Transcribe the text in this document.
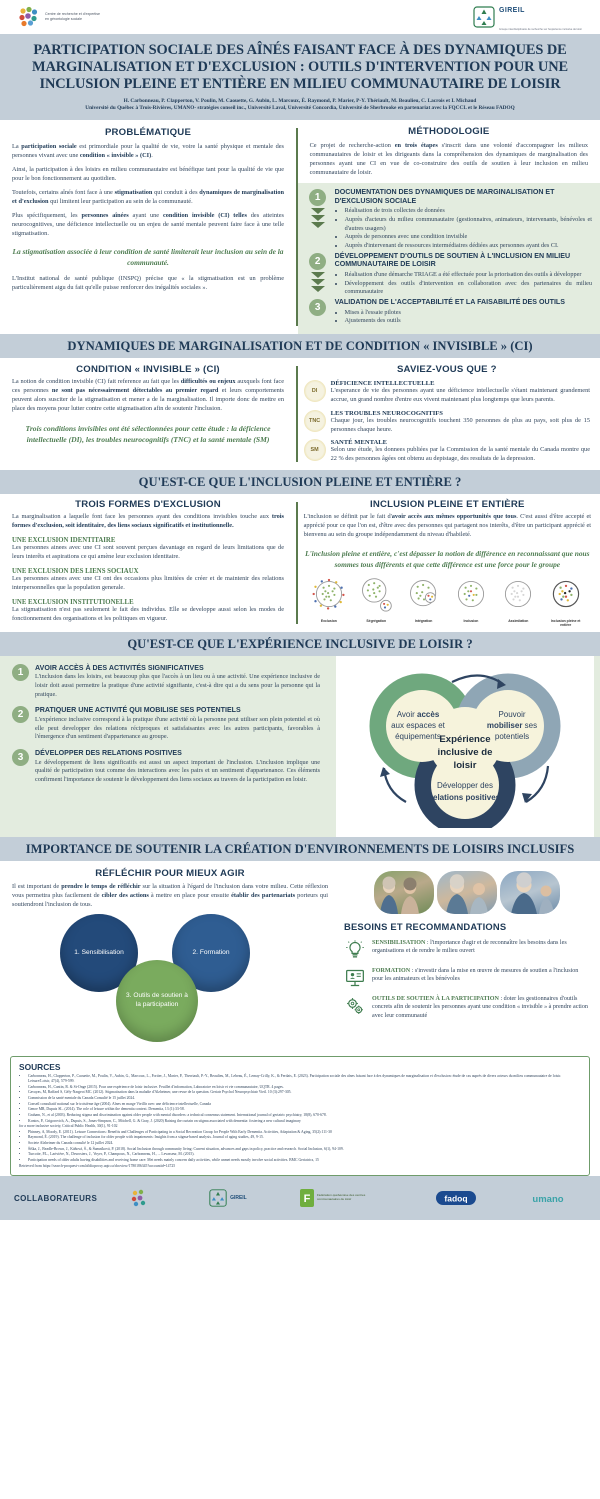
Centre de recherche et d'expertise
en gérontologie sociale
GIREIL
Groupe interdisciplinaire de recherche sur l'expérience inclusive de loisir
PARTICIPATION SOCIALE DES AÎNÉS FAISANT FACE À DES DYNAMIQUES DE MARGINALISATION ET D'EXCLUSION : OUTILS D'INTERVENTION POUR UNE INCLUSION PLEINE ET ENTIÈRE EN MILIEU COMMUNAUTAIRE DE LOISIR
H. Carbonneau, P. Clapperton, V. Poulin, M. Caouette, G. Aubin, L. Marcoux, È. Raymond, P. Marier, P-Y. Thériault, M. Beaulieu, C. Lacrois et I. Michaud
Université du Québec à Trois-Rivières, UMANO- stratégies conseil inc., Université Laval, Université Concordia, Université de Sherbrooke en partenariat avec la FQCCL et le Réseau FADOQ
PROBLÉMATIQUE

La participation sociale est primordiale pour la qualité de vie, voire la santé physique et mentale des personnes vivant avec une condition « invisible » (CI).

Ainsi, la participation à des loisirs en milieu communautaire est bénéfique tant pour la qualité de vie que pour le bon fonctionnement au quotidien.

Toutefois, certains aînés font face à une stigmatisation qui conduit à des dynamiques de marginalisation et d'exclusion qui limitent leur participation au sein de la communauté.

Plus spécifiquement, les personnes aînées ayant une condition invisible (CI) telles des atteintes neurocognitives, une déficience intellectuelle ou un enjeu de santé mentale peuvent faire face à une telle stigmatisation.

La stigmatisation associée à leur condition de santé limiterait leur inclusion au sein de la communauté.

L'Institut national de santé publique (INSPQ) précise que « la stigmatisation est un problème particulièrement aigu du fait qu'elle puisse renforcer des inégalités sociales ».

MÉTHODOLOGIE

Ce projet de recherche-action en trois étapes s'inscrit dans une volonté d'accompagner les milieux communautaires de loisir et les dirigeants dans la compréhension des dynamiques de marginalisation des personnes ayant une CI en vue de co-construire des outils de soutien à leur inclusion en milieu communautaire de loisir.

1	DOCUMENTATION DES DYNAMIQUES DE MARGINALISATION ET D'EXCLUSION SOCIALE
• Réalisation de trois collectes de données
• Auprès d'acteurs du milieu communautaire (gestionnaires, animateurs, intervenants, bénévoles et d'autres usagers)
• Auprès de personnes avec une condition invisible
• Auprès d'intervenant de ressources intermédiaires dédiées aux personnes ayant des CI.
2	DÉVELOPPEMENT D'OUTILS DE SOUTIEN À L'INCLUSION EN MILIEU COMMUNAUTAIRE DE LOISIR
• Réalisation d'une démarche TRIAGE a été effectuée pour la priorisation des outils à développer
• Développement des outils d'intervention en collaboration avec des partenaires du milieu communautaire
3	VALIDATION DE L'ACCEPTABILITÉ ET LA FAISABILITÉ DES OUTILS
• Mises à l'essaie pilotes
• Ajustements des outils
DYNAMIQUES DE MARGINALISATION ET DE CONDITION « INVISIBLE » (CI)
CONDITION « INVISIBLE » (CI)

La notion de condition invisible (CI) fait reference au fait que les difficultés ou enjeux auxquels font face ces personnes ne sont pas nécessairement détectables au premier regard et leurs comportements peuvent alors susciter de la stigmatisation et mener a de la marginalisation. Il importe donc de mettre en place des moyens pour lutter contre cette stigmatisation afin de soutenir l'inclusion.

Trois conditions invisibles ont été sélectionnées pour cette étude : la déficience intellectuelle (DI), les troubles neurocognitifs (TNC) et la santé mentale (SM)

SAVIEZ-VOUS QUE ?
DI
DÉFICIENCE INTELLECTUELLE
L'esperance de vie des personnes ayant une déficience intellectuelle s'étant maintenant grandement accrue, un grand nombre d'entre eux vivent maintenant plus longtemps que leurs parents.
TNC
LES TROUBLES NEUROCOGNITIFS
Chaque jour, les troubles neurocognitifs touchent 350 personnes de plus au pays, soit plus de 15 personnes chaque heure.
SM
SANTÉ MENTALE
Selon une étude, les donnees publiées par la Commission de la santé mentale du Canada montre que 22 % des personnes âgées ont obtenu au depistage, des resultats de la depression.
QU'EST-CE QUE L'INCLUSION PLEINE ET ENTIÈRE ?
TROIS FORMES D'EXCLUSION

La marginalisation a laquelle font face les personnes ayant des conditions invisibles touche aux trois formes d'exclusion, soit identitaire, des liens sociaux significatifs et institutionnelle.

UNE EXCLUSION IDENTITAIRE

Les personnes ainees avec une CI sont souvent perçues davantage en regard de leurs limitations que de leurs interêts et aspirations ce qui amène leur exclusion identitaire.

UNE EXCLUSION DES LIENS SOCIAUX

Les personnes ainees avec une CI ont des occasions plus limitées de créer et de maintenir des relations interpersonnelles que la population generale.

UNE EXCLUSION INSTITUTIONELLE

La stigmatisation n'est pas seulement le fait des individus. Elle se developpe aussi selon les modes de fonctionnement des organisations et les politiques en vigueur.

INCLUSION PLEINE ET ENTIÈRE

L'inclusion se définit par le fait d'avoir accès aux mêmes opportunités que tous. C'est aussi d'être accepté et apprécié pour ce que l'on est, d'être avec des personnes qui partagent nos interêts, d'être un participant apprécié et bienvenu au sein du groupe indépendamment du niveau d'habileté.

L'inclusion pleine et entière, c'est dépasser la notion de différence en reconnaissant que nous sommes tous différents et que cette différence est une force pour le groupe

Exclusion	Ségrégation	Intégration	Inclusion	Assimilation	Inclusion pleine et entière
QU'EST-CE QUE L'EXPÉRIENCE INCLUSIVE DE LOISIR ?
1	AVOIR ACCÈS À DES ACTIVITÉS SIGNIFICATIVES
L'inclusion dans les loisirs, est beaucoup plus que l'accès à un lieu ou à une activité. Une expérience inclusive de loisir doit aussi permettre la pratique d'une activité signifiante, c'est-à dire qui a du sens pour la personne qui la pratique.
2	PRATIQUER UNE ACTIVITÉ QUI MOBILISE SES POTENTIELS
L'expérience inclusive correspond à la pratique d'une activité où la personne peut utiliser son plein potentiel et où elle peut developper des relations réciproques et satisfaisantes avec les autres participants, favorables à l'émergence d'un sentiment d'appartenance au groupe.
3	DÉVELOPPER DES RELATIONS POSITIVES
Le développement de liens significatifs est aussi un aspect important de l'inclusion. L'inclusion implique une qualité de participation tout comme des interactions avec les pairs et un sentiment d'appartenance. Ces éléments confirment l'importance de soutenir le développement des liens sociaux au travers de la participation en loisir.
Avoir accès
aux espaces et
équipements
Pouvoir
mobiliser ses
potentiels
Expérience
inclusive de
loisir
Développer des
relations positives
IMPORTANCE DE SOUTENIR LA CRÉATION D'ENVIRONNEMENTS DE LOISIRS INCLUSIFS
RÉFLÉCHIR POUR MIEUX AGIR

Il est important de prendre le temps de réfléchir sur la situation à l'égard de l'inclusion dans votre milieu. Cette réflexion vous permettra plus facilement de cibler des actions à mettre en place pour ensuite établir des partenariats porteurs qui soutiendront l'inclusion de tous.

1. Sensibilisation	2. Formation
3. Outils de soutien à la participation
BESOINS ET RECOMMANDATIONS
SENSIBILISATION : l'importance d'agir et de reconnaître les besoins dans les organisations et de rendre le milieu ouvert
FORMATION : s'investir dans la mise en œuvre de mesures de soutien a l'inclusion pour les animateurs et les bénévoles
OUTILS DE SOUTIEN À LA PARTICIPATION : doter les gestionnaires d'outils concrets afin de soutenir les personnes ayant une condition « invisible » à prendre action avec leur communauté
SOURCES
• Carbonneau, H., Clapperton, P., Caouette, M., Poulin, V., Aubin, G., Marcoux, L., Fortier, J., Marier, P., Therriault, P.-Y., Beaulieu, M., Lebeau, É., Lemay-Crilly, K., & Ferdais, E. (2023). Participation sociale des aînes faisant face à des dynamiques de marginalisation et d'exclusion: étude de cas auprès de divers acteurs du milieu communautaire de loisir. Leisure/Loisir, 47(4), 579-599.
• Carbonneau, H., Cantin, R. & St-Onge (2015). Pour une expérience de loisir inclusive. Feuillet d'information, Laboratoire en loisir et vie communautaire, UQTR. 4 pages.
• Cavayas, M, Raffard S, Gély-Nargeot MC. (2012). Stigmatisation dans la maladie d'Alzheimer, une revue de la question. Geriatr Psychol Neuropsychiatr Vieil. 10 (3):297-305.
• Commission de la santé mentale du Canada Consulté le 15 juillet 2024.
• Conseil consultatif national sur le troisième âge (2004). Aînes en marge Vieillir avec une déficience intellectuelle, Canada
• Genoe MR, Dupuis SL. (2014). The role of leisure within the dementia context. Dementia, 13 (1):33-58.
• Graham, N., et al (2003). Reducing stigma and discrimination against older people with mental disorders: a technical consensus statement. International journal of geriatric psychiatry, 18(8), 670-678.
• Kontos, P., Grigorovich, A., Dupuis, S., Jonas-Simpson, C., Mitchell, G. & Gray, J. (2020) Raising the curtain on stigma associated with dementia: fostering a new cultural imaginary
for a more inclusive society, Critical Public Health, 30(1), 91-102
• Phinney, A, Moody, E. (2011). Leisure Connections: Benefits and Challenges of Participating in a Social Recreation Group for People With Early Dementia. Activities, Adaptation & Aging, 35(2):111-30
• Raymond, É. (2019). The challenge of inclusion for older people with impairments: Insights from a stigma-based analysis. Journal of aging studies, 49, 9-15.
• Societe Alzheimer du Canada consulté le 12 juillet 2024.
• Šiška, J., Beadle-Brown, J., Káňová, Š., & Šumníková, P. (2018). Social Inclusion through community living: Current situation, advances and gaps in policy, practice and research. Social Inclusion, 6(1), 94-109.
• Turcotte, P.L., Larivière, N., Desrosiers, J., Voyer, P., Champoux, N., Carbonneau, H., ... Levasseur, M. (2015).
• Participation needs of older adults having disabilities and receiving home care: Met needs mainly concern daily activities, while unmet needs mostly involve social activities. BMC Geriatrics, 15
Retrieved from https://search-proquest-com.biblioproxy.uqtr.ca/docview/1780186345?accountid=14725
COLLABORATEURS	GIREIL	F Fédération québécoise des centres communautaires de loisir	fadoq	umano
